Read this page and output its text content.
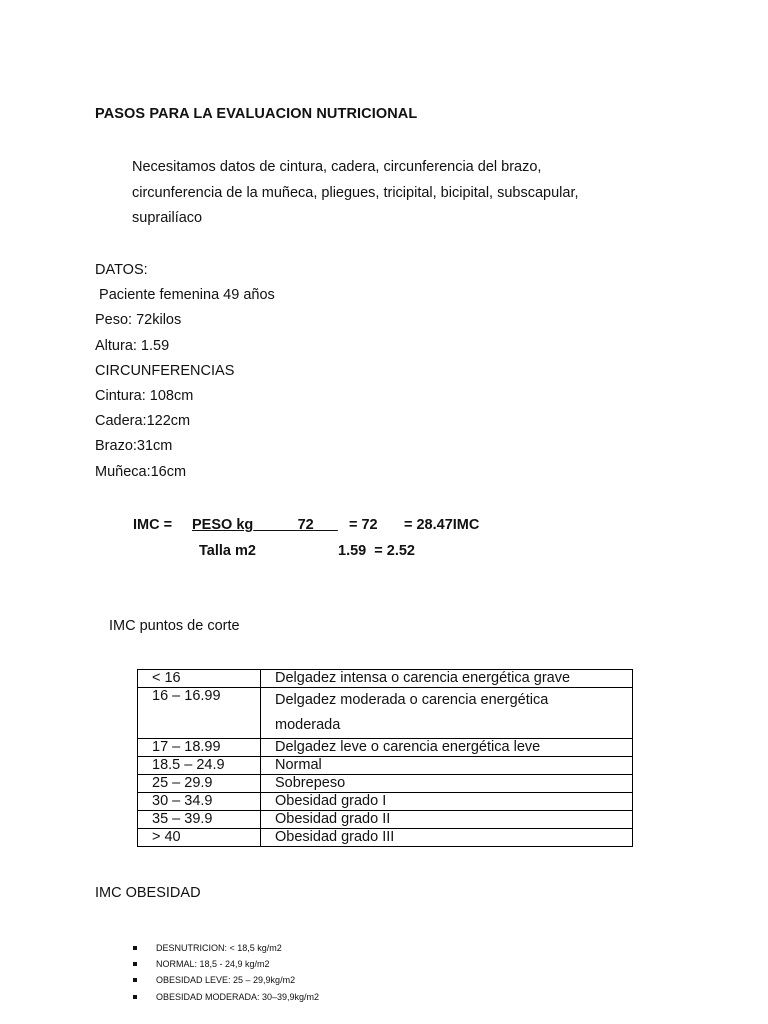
PASOS PARA LA EVALUACION NUTRICIONAL
Necesitamos datos de cintura, cadera, circunferencia del brazo,
circunferencia de la muñeca, pliegues, tricipital, bicipital, subscapular,
suprailíaco
DATOS:
Paciente femenina 49 años
Peso: 72kilos
Altura: 1.59
CIRCUNFERENCIAS
Cintura: 108cm
Cadera:122cm
Brazo:31cm
Muñeca:16cm
IMC = PESO kg	72	= 72 = 28.47IMC
Talla m2	1.59  = 2.52
IMC puntos de corte
< 16	Delgadez intensa o carencia energética grave
16 – 16.99	Delgadez moderada o carencia energética
moderada

17 – 18.99	Delgadez leve o carencia energética leve
18.5 – 24.9	Normal
25 – 29.9	Sobrepeso
30 – 34.9	Obesidad grado I
35 – 39.9	Obesidad grado II
> 40	Obesidad grado III
IMC OBESIDAD
DESNUTRICION: < 18,5 kg/m2
NORMAL: 18,5 - 24,9 kg/m2
OBESIDAD LEVE: 25 – 29,9kg/m2
OBESIDAD MODERADA: 30–39,9kg/m2
